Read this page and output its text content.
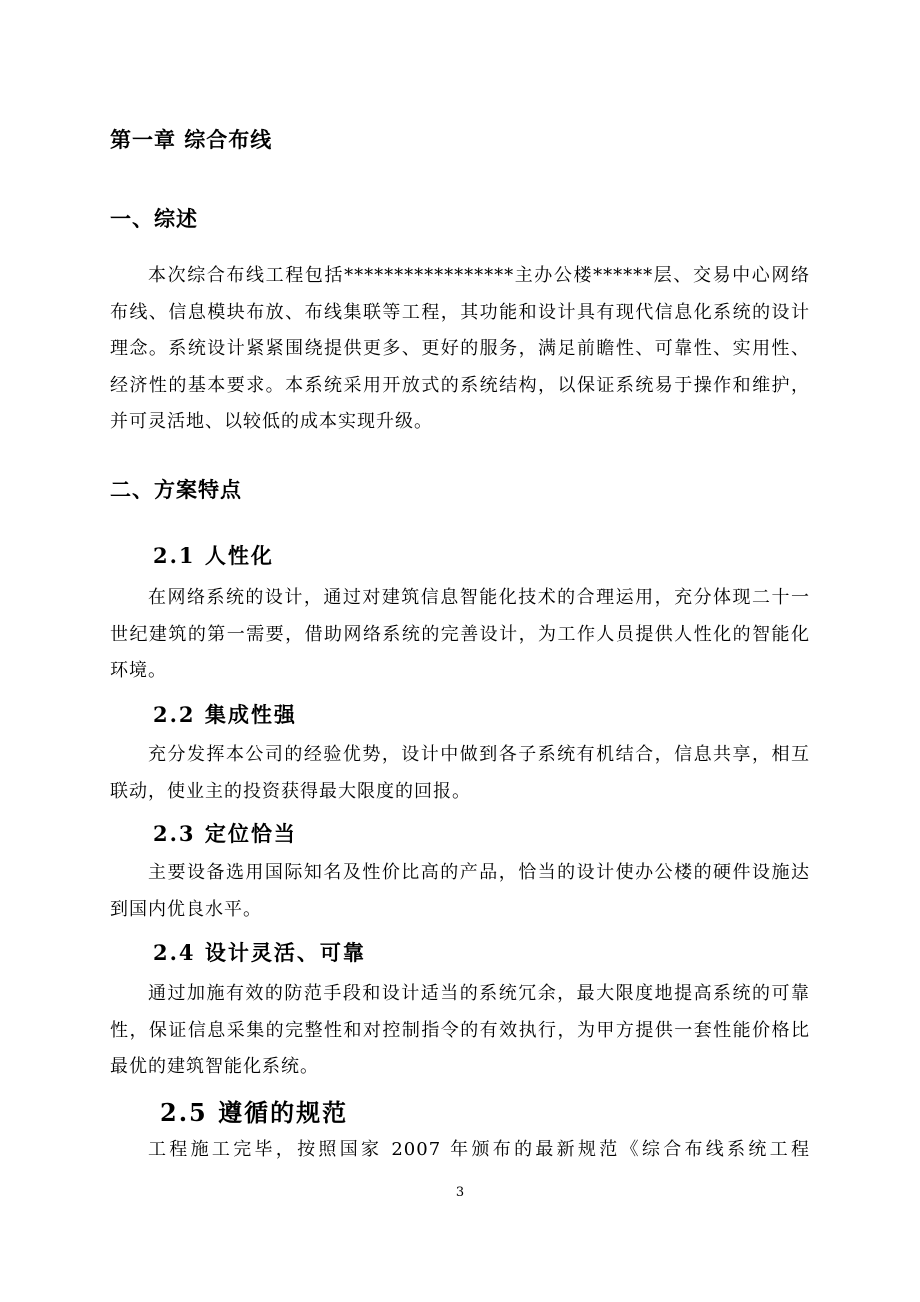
第一章 综合布线
一、综述
本次综合布线工程包括*****************主办公楼******层、交易中心网络布线、信息模块布放、布线集联等工程，其功能和设计具有现代信息化系统的设计理念。系统设计紧紧围绕提供更多、更好的服务，满足前瞻性、可靠性、实用性、经济性的基本要求。本系统采用开放式的系统结构，以保证系统易于操作和维护，并可灵活地、以较低的成本实现升级。
二、方案特点
2.1 人性化
在网络系统的设计，通过对建筑信息智能化技术的合理运用，充分体现二十一世纪建筑的第一需要，借助网络系统的完善设计，为工作人员提供人性化的智能化环境。
2.2 集成性强
充分发挥本公司的经验优势，设计中做到各子系统有机结合，信息共享，相互联动，使业主的投资获得最大限度的回报。
2.3 定位恰当
主要设备选用国际知名及性价比高的产品，恰当的设计使办公楼的硬件设施达到国内优良水平。
2.4 设计灵活、可靠
通过加施有效的防范手段和设计适当的系统冗余，最大限度地提高系统的可靠性，保证信息采集的完整性和对控制指令的有效执行，为甲方提供一套性能价格比最优的建筑智能化系统。
2.5 遵循的规范
工程施工完毕，按照国家 2007 年颁布的最新规范《综合布线系统工程
3
